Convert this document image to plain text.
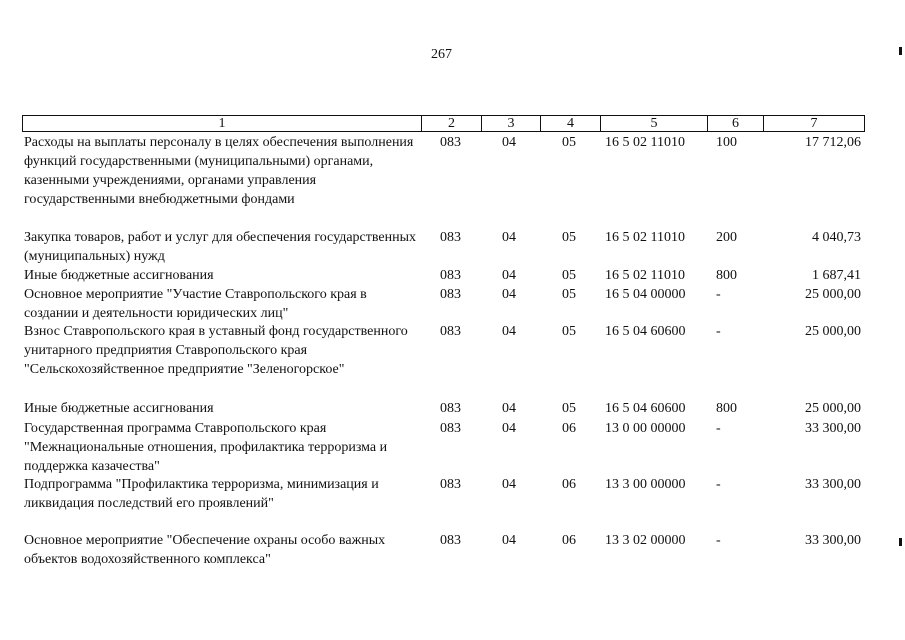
267
1	2	3	4	5	6	7
Расходы на выплаты персоналу в целях обеспечения выполнения функций государственными (муниципальными) органами, казенными учреждениями, органами управления государственными внебюджетными фондами
083	04	05	16 5 02 11010	100	17 712,06
Закупка товаров, работ и услуг для обеспечения государственных (муниципальных) нужд
083	04	05	16 5 02 11010	200	4 040,73
Иные бюджетные ассигнования	083	04	05	16 5 02 11010	800	1 687,41
Основное мероприятие "Участие Ставропольского края в создании и деятельности юридических лиц"
083	04	05	16 5 04 00000	-	25 000,00
Взнос Ставропольского края в уставный фонд государственного унитарного предприятия Ставропольского края "Сельскохозяйственное предприятие "Зеленогорское"
083	04	05	16 5 04 60600	-	25 000,00
Иные бюджетные ассигнования	083	04	05	16 5 04 60600	800	25 000,00
Государственная программа Ставропольского края "Межнациональные отношения, профилактика терроризма и поддержка казачества"
083	04	06	13 0 00 00000	-	33 300,00
Подпрограмма "Профилактика терроризма, минимизация и ликвидация последствий его проявлений"
083	04	06	13 3 00 00000	-	33 300,00
Основное мероприятие "Обеспечение охраны особо важных объектов водохозяйственного комплекса"
083	04	06	13 3 02 00000	-	33 300,00
